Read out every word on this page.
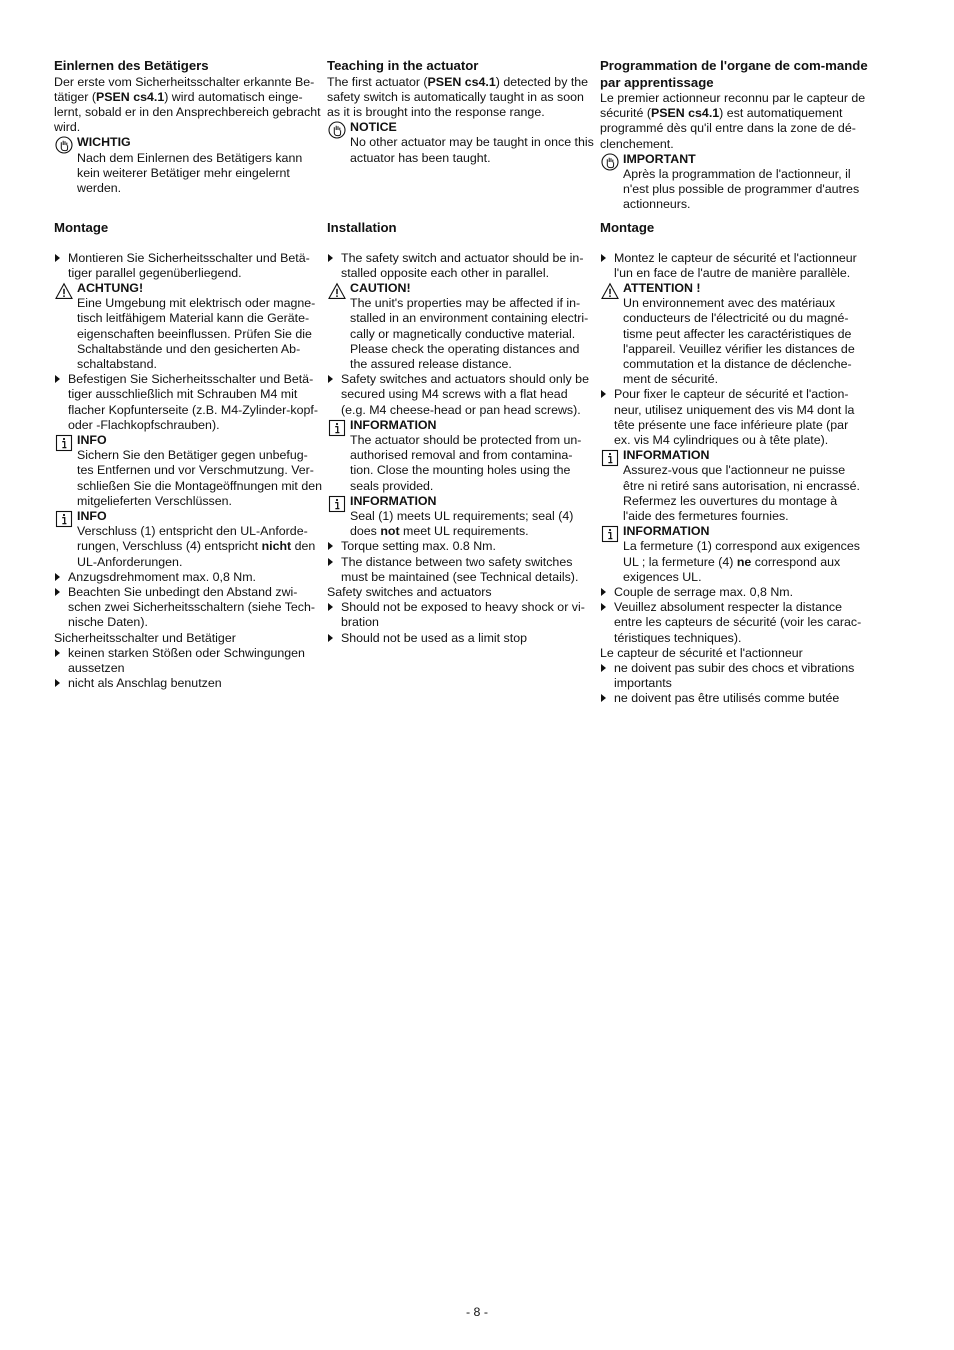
Einlernen des Betätigers

Der erste vom Sicherheitsschalter erkannte Be-tätiger (PSEN cs4.1) wird automatisch einge-lernt, sobald er in den Ansprechbereich gebracht wird.

WICHTIG
Nach dem Einlernen des Betätigers kann kein weiterer Betätiger mehr eingelernt werden.
Montage
Montieren Sie Sicherheitsschalter und Betä-tiger parallel gegenüberliegend.
ACHTUNG!
Eine Umgebung mit elektrisch oder magne-tisch leitfähigem Material kann die Geräte-eigenschaften beeinflussen. Prüfen Sie die Schaltabstände und den gesicherten Ab-schaltabstand.
Befestigen Sie Sicherheitsschalter und Betä-tiger ausschließlich mit Schrauben M4 mit flacher Kopfunterseite (z.B. M4-Zylinder-kopf- oder -Flachkopfschrauben).
INFO
Sichern Sie den Betätiger gegen unbefug-tes Entfernen und vor Verschmutzung. Ver-schließen Sie die Montageöffnungen mit den mitgelieferten Verschlüssen.
INFO
Verschluss (1) entspricht den UL-Anforde-rungen, Verschluss (4) entspricht nicht den UL-Anforderungen.
Anzugsdrehmoment max. 0,8 Nm.
Beachten Sie unbedingt den Abstand zwi-schen zwei Sicherheitsschaltern (siehe Tech-nische Daten).

Sicherheitsschalter und Betätiger

keinen starken Stößen oder Schwingungen aussetzen
nicht als Anschlag benutzen
Teaching in the actuator

The first actuator (PSEN cs4.1) detected by the safety switch is automatically taught in as soon as it is brought into the response range.

NOTICE
No other actuator may be taught in once this actuator has been taught.
Installation
The safety switch and actuator should be in-stalled opposite each other in parallel.
CAUTION!
The unit's properties may be affected if in-stalled in an environment containing electri-cally or magnetically conductive material. Please check the operating distances and the assured release distance.
Safety switches and actuators should only be secured using M4 screws with a flat head (e.g. M4 cheese-head or pan head screws).
INFORMATION
The actuator should be protected from un-authorised removal and from contamina-tion. Close the mounting holes using the seals provided.
INFORMATION
Seal (1) meets UL requirements; seal (4) does not meet UL requirements.
Torque setting max. 0.8 Nm.
The distance between two safety switches must be maintained (see Technical details).

Safety switches and actuators

Should not be exposed to heavy shock or vi-bration
Should not be used as a limit stop
Programmation de l'organe de com-mande par apprentissage

Le premier actionneur reconnu par le capteur de sécurité (PSEN cs4.1) est automatiquement programmé dès qu'il entre dans la zone de dé-clenchement.

IMPORTANT
Après la programmation de l'actionneur, il n'est plus possible de programmer d'autres actionneurs.
Montage
Montez le capteur de sécurité et l'actionneur l'un en face de l'autre de manière parallèle.
ATTENTION !
Un environnement avec des matériaux conducteurs de l'électricité ou du magné-tisme peut affecter les caractéristiques de l'appareil. Veuillez vérifier les distances de commutation et la distance de déclenche-ment de sécurité.
Pour fixer le capteur de sécurité et l'action-neur, utilisez uniquement des vis M4 dont la tête présente une face inférieure plate (par ex. vis M4 cylindriques ou à tête plate).
INFORMATION
Assurez-vous que l'actionneur ne puisse être ni retiré sans autorisation, ni encrassé. Refermez les ouvertures du montage à l'aide des fermetures fournies.
INFORMATION
La fermeture (1) correspond aux exigences UL ; la fermeture (4) ne correspond aux exigences UL.
Couple de serrage max. 0,8 Nm.
Veuillez absolument respecter la distance entre les capteurs de sécurité (voir les carac-téristiques techniques).

Le capteur de sécurité et l'actionneur

ne doivent pas subir des chocs et vibrations importants
ne doivent pas être utilisés comme butée
- 8 -
